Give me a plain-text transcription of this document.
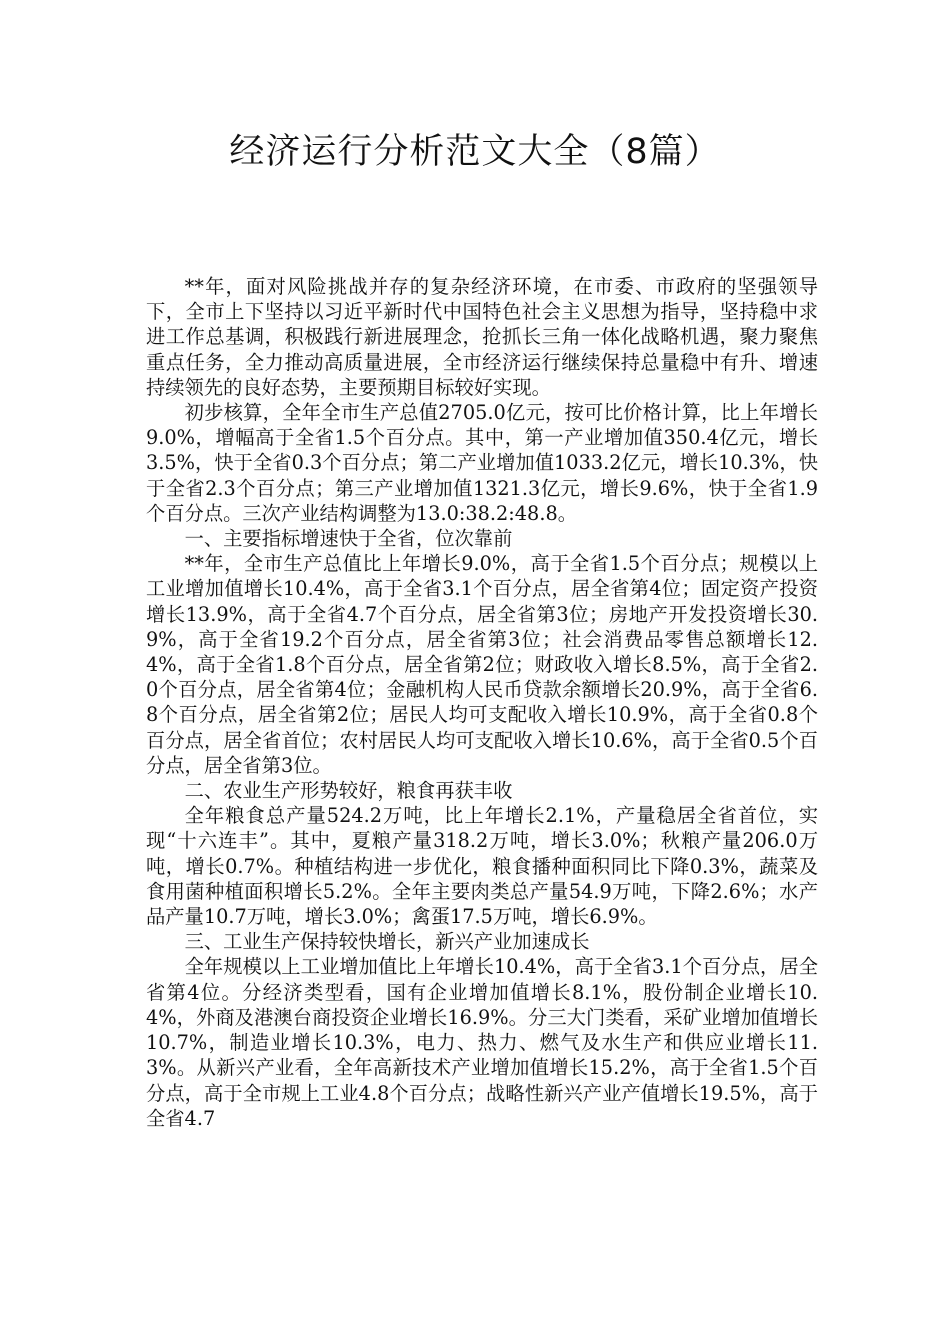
经济运行分析范文大全（8篇）

**年，面对风险挑战并存的复杂经济环境，在市委、市政府的坚强领导下，全市上下坚持以习近平新时代中国特色社会主义思想为指导，坚持稳中求进工作总基调，积极践行新进展理念，抢抓长三角一体化战略机遇，聚力聚焦重点任务，全力推动高质量进展，全市经济运行继续保持总量稳中有升、增速持续领先的良好态势，主要预期目标较好实现。

初步核算，全年全市生产总值2705.0亿元，按可比价格计算，比上年增长9.0%，增幅高于全省1.5个百分点。其中，第一产业增加值350.4亿元，增长3.5%，快于全省0.3个百分点；第二产业增加值1033.2亿元，增长10.3%，快于全省2.3个百分点；第三产业增加值1321.3亿元，增长9.6%，快于全省1.9个百分点。三次产业结构调整为13.0:38.2:48.8。

一、主要指标增速快于全省，位次靠前

**年，全市生产总值比上年增长9.0%，高于全省1.5个百分点；规模以上工业增加值增长10.4%，高于全省3.1个百分点，居全省第4位；固定资产投资增长13.9%，高于全省4.7个百分点，居全省第3位；房地产开发投资增长30.9%，高于全省19.2个百分点，居全省第3位；社会消费品零售总额增长12.4%，高于全省1.8个百分点，居全省第2位；财政收入增长8.5%，高于全省2.0个百分点，居全省第4位；金融机构人民币贷款余额增长20.9%，高于全省6.8个百分点，居全省第2位；居民人均可支配收入增长10.9%，高于全省0.8个百分点，居全省首位；农村居民人均可支配收入增长10.6%，高于全省0.5个百分点，居全省第3位。

二、农业生产形势较好，粮食再获丰收

全年粮食总产量524.2万吨，比上年增长2.1%，产量稳居全省首位，实现“十六连丰”。其中，夏粮产量318.2万吨，增长3.0%；秋粮产量206.0万吨，增长0.7%。种植结构进一步优化，粮食播种面积同比下降0.3%，蔬菜及食用菌种植面积增长5.2%。全年主要肉类总产量54.9万吨，下降2.6%；水产品产量10.7万吨，增长3.0%；禽蛋17.5万吨，增长6.9%。

三、工业生产保持较快增长，新兴产业加速成长

全年规模以上工业增加值比上年增长10.4%，高于全省3.1个百分点，居全省第4位。分经济类型看，国有企业增加值增长8.1%，股份制企业增长10.4%，外商及港澳台商投资企业增长16.9%。分三大门类看，采矿业增加值增长10.7%，制造业增长10.3%，电力、热力、燃气及水生产和供应业增长11.3%。从新兴产业看，全年高新技术产业增加值增长15.2%，高于全省1.5个百分点，高于全市规上工业4.8个百分点；战略性新兴产业产值增长19.5%，高于全省4.7
